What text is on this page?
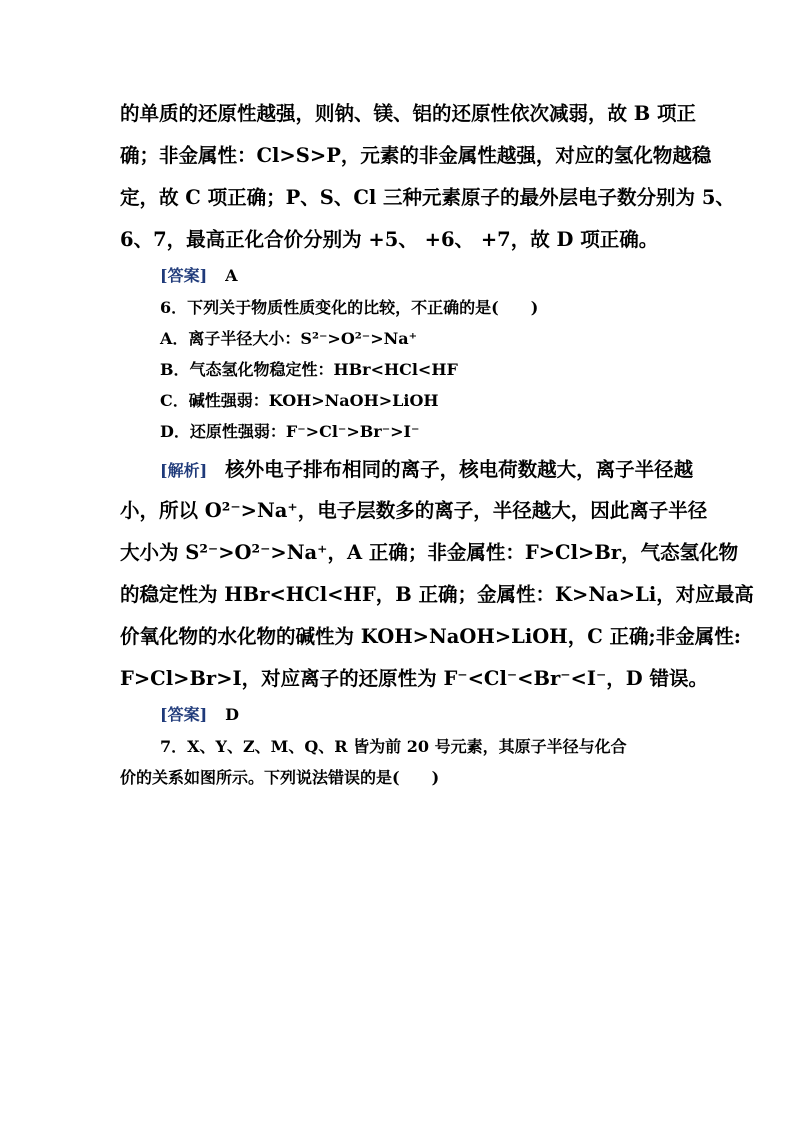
的单质的还原性越强，则钠、镁、铝的还原性依次减弱，故 B 项正
确；非金属性：Cl>S>P，元素的非金属性越强，对应的氢化物越稳
定，故 C 项正确；P、S、Cl 三种元素原子的最外层电子数分别为 5、
6、7，最高正化合价分别为 +5、 +6、 +7，故 D 项正确。
[答案] A
6．下列关于物质性质变化的比较，不正确的是(　　)
A．离子半径大小：S²⁻>O²⁻>Na⁺
B．气态氢化物稳定性：HBr<HCl<HF
C．碱性强弱：KOH>NaOH>LiOH
D．还原性强弱：F⁻>Cl⁻>Br⁻>I⁻
[解析] 核外电子排布相同的离子，核电荷数越大，离子半径越
小，所以 O²⁻>Na⁺，电子层数多的离子，半径越大，因此离子半径
大小为 S²⁻>O²⁻>Na⁺，A 正确；非金属性：F>Cl>Br，气态氢化物
的稳定性为 HBr<HCl<HF，B 正确；金属性：K>Na>Li，对应最高
价氧化物的水化物的碱性为 KOH>NaOH>LiOH，C 正确;非金属性:
F>Cl>Br>I，对应离子的还原性为 F⁻<Cl⁻<Br⁻<I⁻，D 错误。
[答案] D
7．X、Y、Z、M、Q、R 皆为前 20 号元素，其原子半径与化合
价的关系如图所示。下列说法错误的是(　　)
